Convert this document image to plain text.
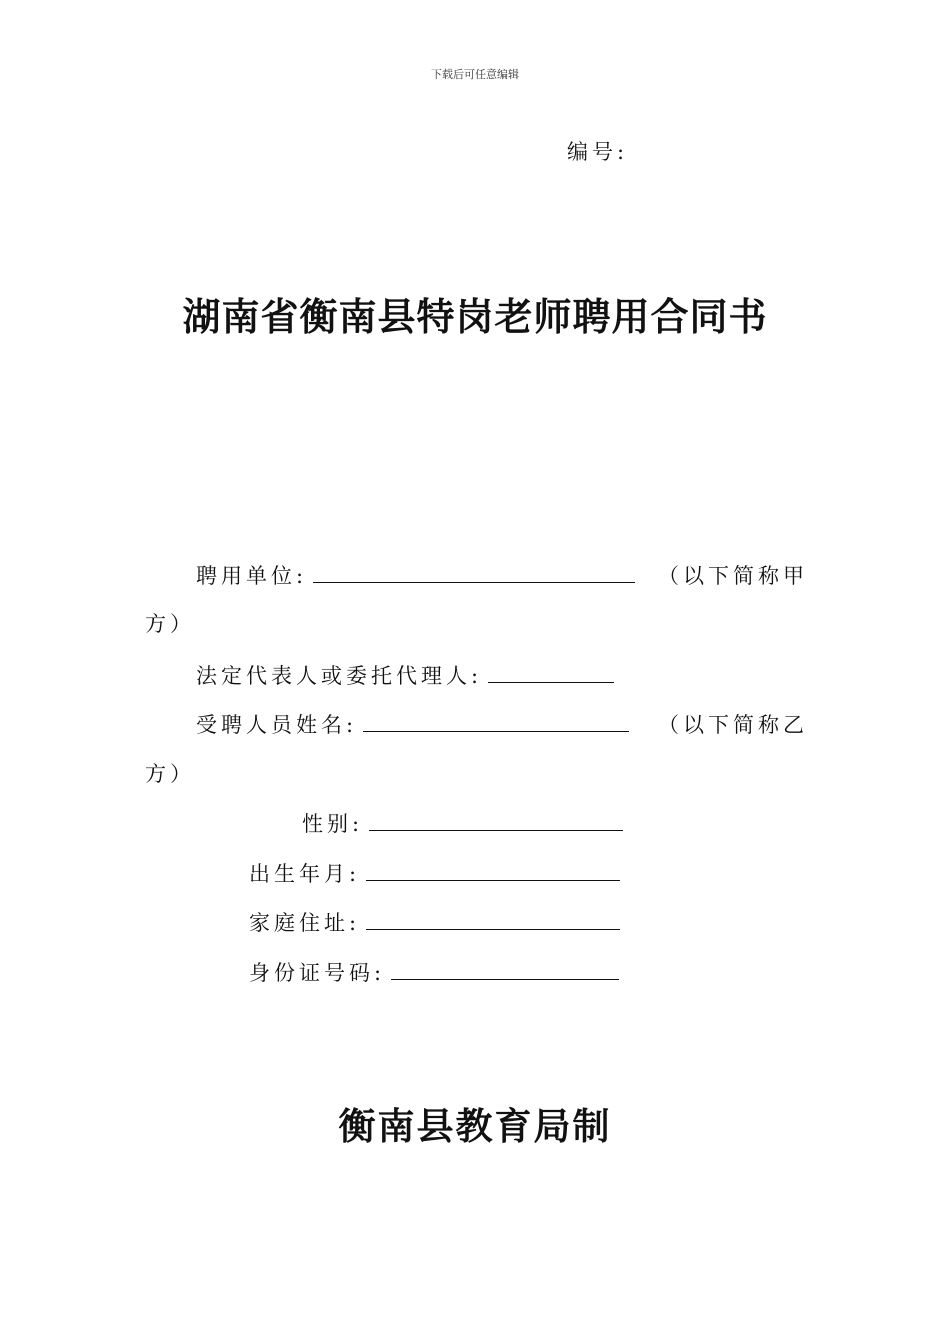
下载后可任意编辑
编号:
湖南省衡南县特岗老师聘用合同书
聘用单位:	（以下简称甲
方）
法定代表人或委托代理人:
受聘人员姓名:	（以下简称乙
方）
性别:
出生年月:
家庭住址:
身份证号码:
衡南县教育局制
